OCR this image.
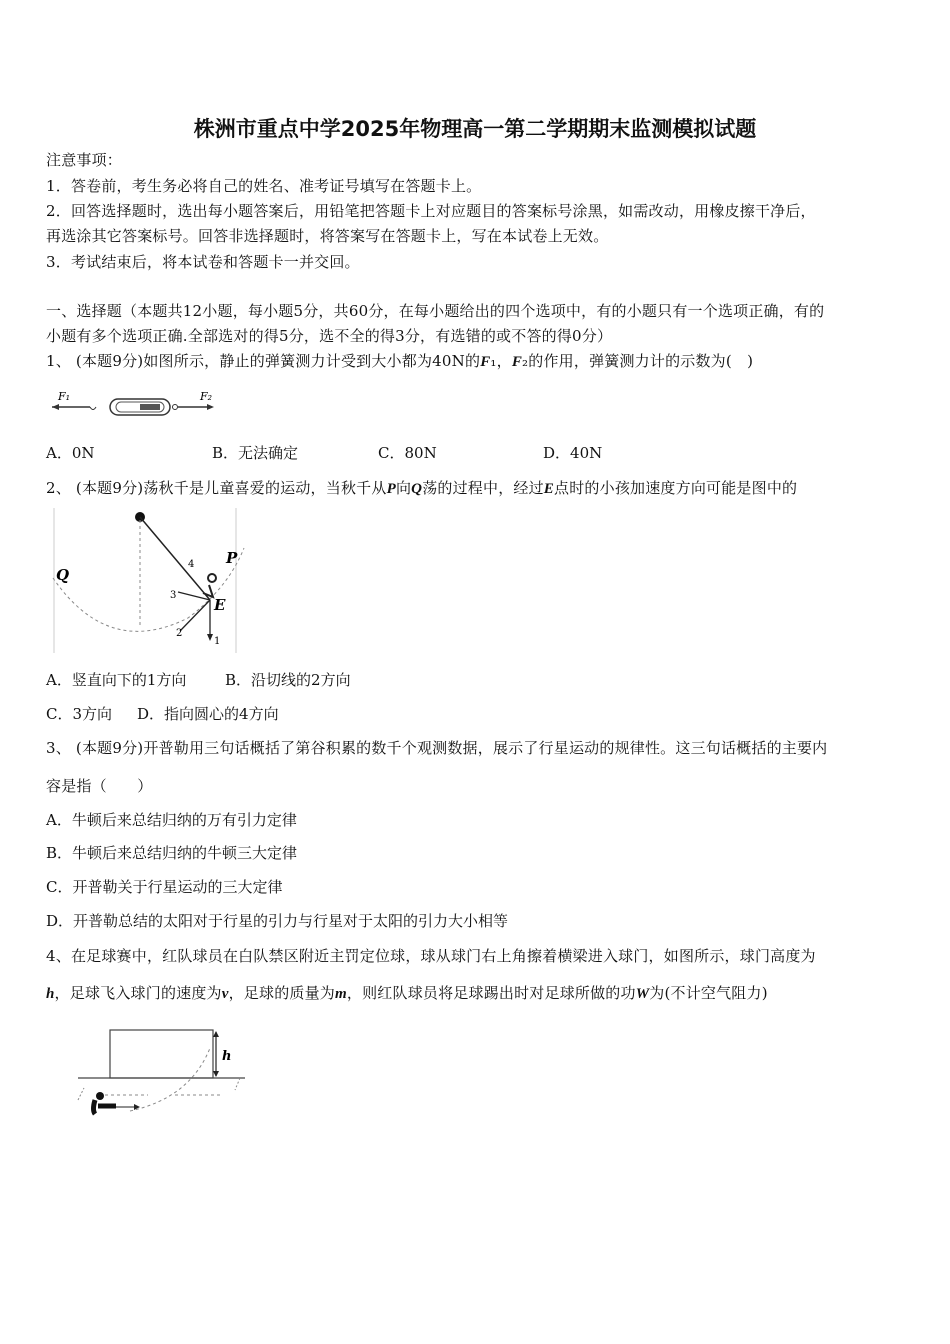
株洲市重点中学2025年物理高一第二学期期末监测模拟试题
注意事项：
1．答卷前，考生务必将自己的姓名、准考证号填写在答题卡上。
2．回答选择题时，选出每小题答案后，用铅笔把答题卡上对应题目的答案标号涂黑，如需改动，用橡皮擦干净后，
再选涂其它答案标号。回答非选择题时，将答案写在答题卡上，写在本试卷上无效。
3．考试结束后，将本试卷和答题卡一并交回。
一、选择题（本题共12小题，每小题5分，共60分，在每小题给出的四个选项中，有的小题只有一个选项正确，有的
小题有多个选项正确.全部选对的得5分，选不全的得3分，有选错的或不答的得0分）
1、 (本题9分)如图所示，静止的弹簧测力计受到大小都为40N的F₁，F₂的作用，弹簧测力计的示数为(　)
F₁	F₂
A．0N	B．无法确定	C．80N	D．40N
2、 (本题9分)荡秋千是儿童喜爱的运动，当秋千从P向Q荡的过程中，经过E点时的小孩加速度方向可能是图中的
P
Q
E
1
2
3
4
A．竖直向下的1方向	B．沿切线的2方向
C．3方向 D．指向圆心的4方向
3、 (本题9分)开普勒用三句话概括了第谷积累的数千个观测数据，展示了行星运动的规律性。这三句话概括的主要内
容是指（　　）
A．牛顿后来总结归纳的万有引力定律
B．牛顿后来总结归纳的牛顿三大定律
C．开普勒关于行星运动的三大定律
D．开普勒总结的太阳对于行星的引力与行星对于太阳的引力大小相等
4、在足球赛中，红队球员在白队禁区附近主罚定位球，球从球门右上角擦着横梁进入球门，如图所示，球门高度为
h，足球飞入球门的速度为v，足球的质量为m，则红队球员将足球踢出时对足球所做的功W为(不计空气阻力)
h
